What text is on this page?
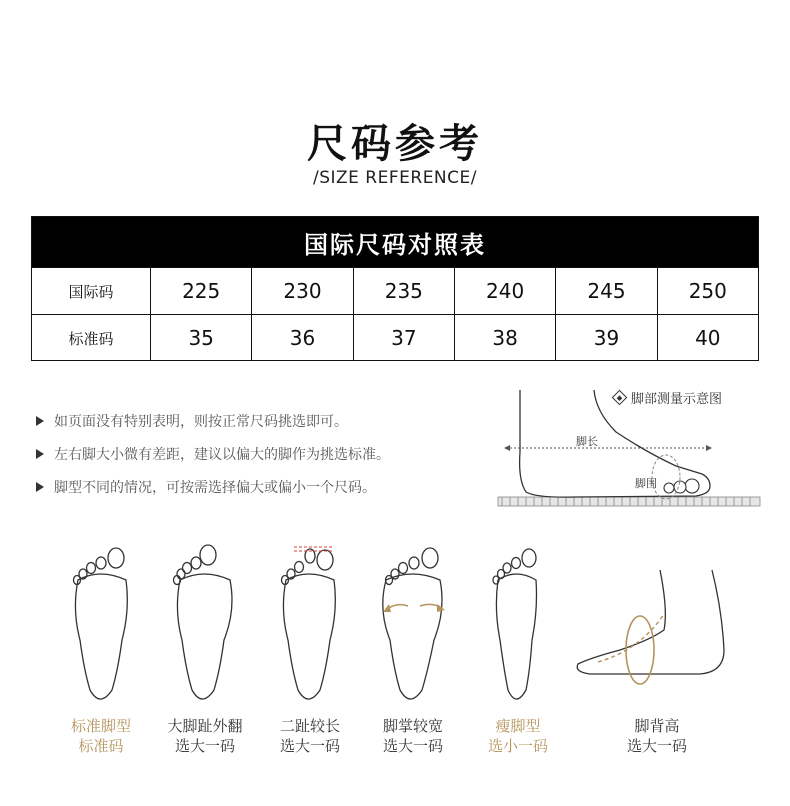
尺码参考
/SIZE REFERENCE/
国际尺码对照表
国际码	225	230	235	240	245	250
标准码	35	36	37	38	39	40
如页面没有特别表明，则按正常尺码挑选即可。
左右脚大小微有差距，建议以偏大的脚作为挑选标准。
脚型不同的情况，可按需选择偏大或偏小一个尺码。
脚部测量示意图
脚长
脚围
标准脚型
标准码
大脚趾外翻
选大一码
二趾较长
选大一码
脚掌较宽
选大一码
瘦脚型
选小一码
脚背高
选大一码
